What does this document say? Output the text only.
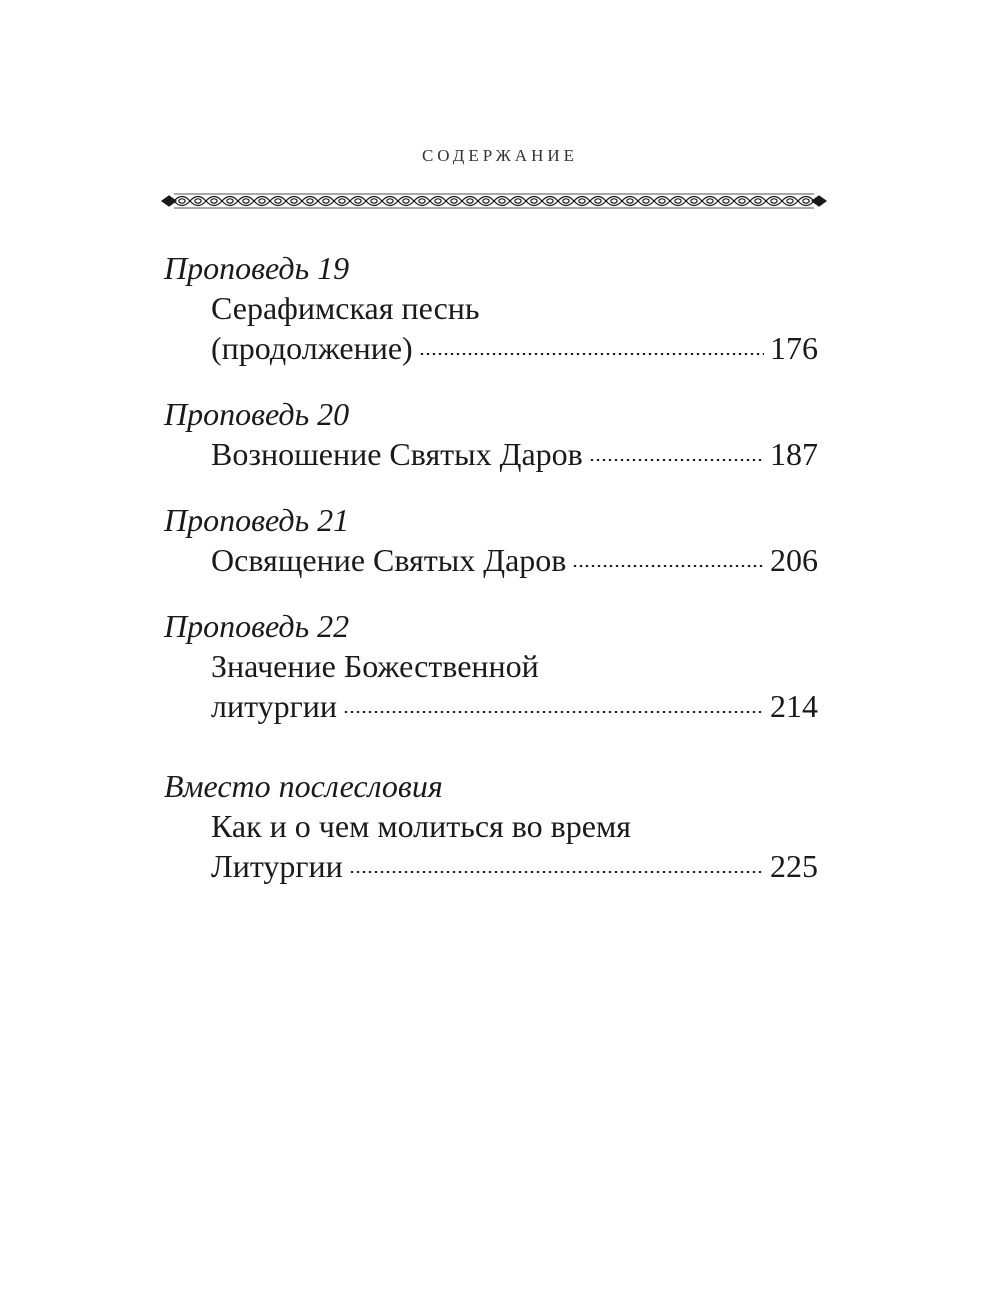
СОДЕРЖАНИЕ
Проповедь 19
Серафимская песнь
(продолжение)	176
Проповедь 20
Возношение Святых Даров	187
Проповедь 21
Освящение Святых Даров	206
Проповедь 22
Значение Божественной
литургии	214
Вместо послесловия
Как и о чем молиться во время
Литургии	225
